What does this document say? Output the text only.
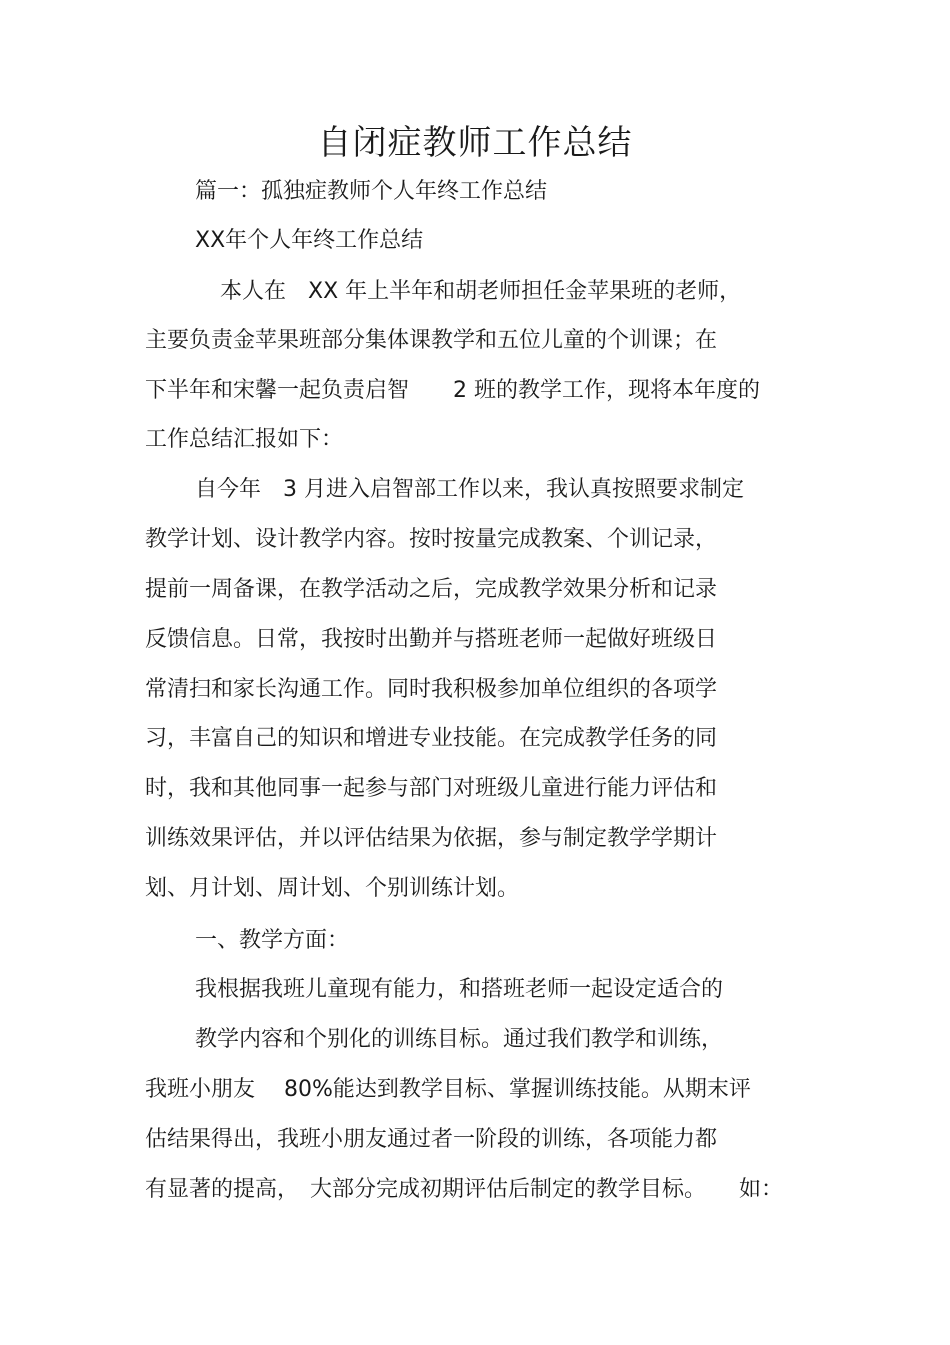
自闭症教师工作总结

篇一：孤独症教师个人年终工作总结

XX年个人年终工作总结

本人在　XX 年上半年和胡老师担任金苹果班的老师，

主要负责金苹果班部分集体课教学和五位儿童的个训课；在

下半年和宋馨一起负责启智　　2 班的教学工作，现将本年度的

工作总结汇报如下：

自今年　3 月进入启智部工作以来，我认真按照要求制定

教学计划、设计教学内容。按时按量完成教案、个训记录，

提前一周备课，在教学活动之后，完成教学效果分析和记录

反馈信息。日常，我按时出勤并与搭班老师一起做好班级日

常清扫和家长沟通工作。同时我积极参加单位组织的各项学

习，丰富自己的知识和增进专业技能。在完成教学任务的同

时，我和其他同事一起参与部门对班级儿童进行能力评估和

训练效果评估，并以评估结果为依据，参与制定教学学期计

划、月计划、周计划、个别训练计划。

一、教学方面：

我根据我班儿童现有能力，和搭班老师一起设定适合的

教学内容和个别化的训练目标。通过我们教学和训练，

我班小朋友　 80%能达到教学目标、掌握训练技能。从期末评

估结果得出，我班小朋友通过者一阶段的训练，各项能力都

有显著的提高，　大部分完成初期评估后制定的教学目标。　　如：
